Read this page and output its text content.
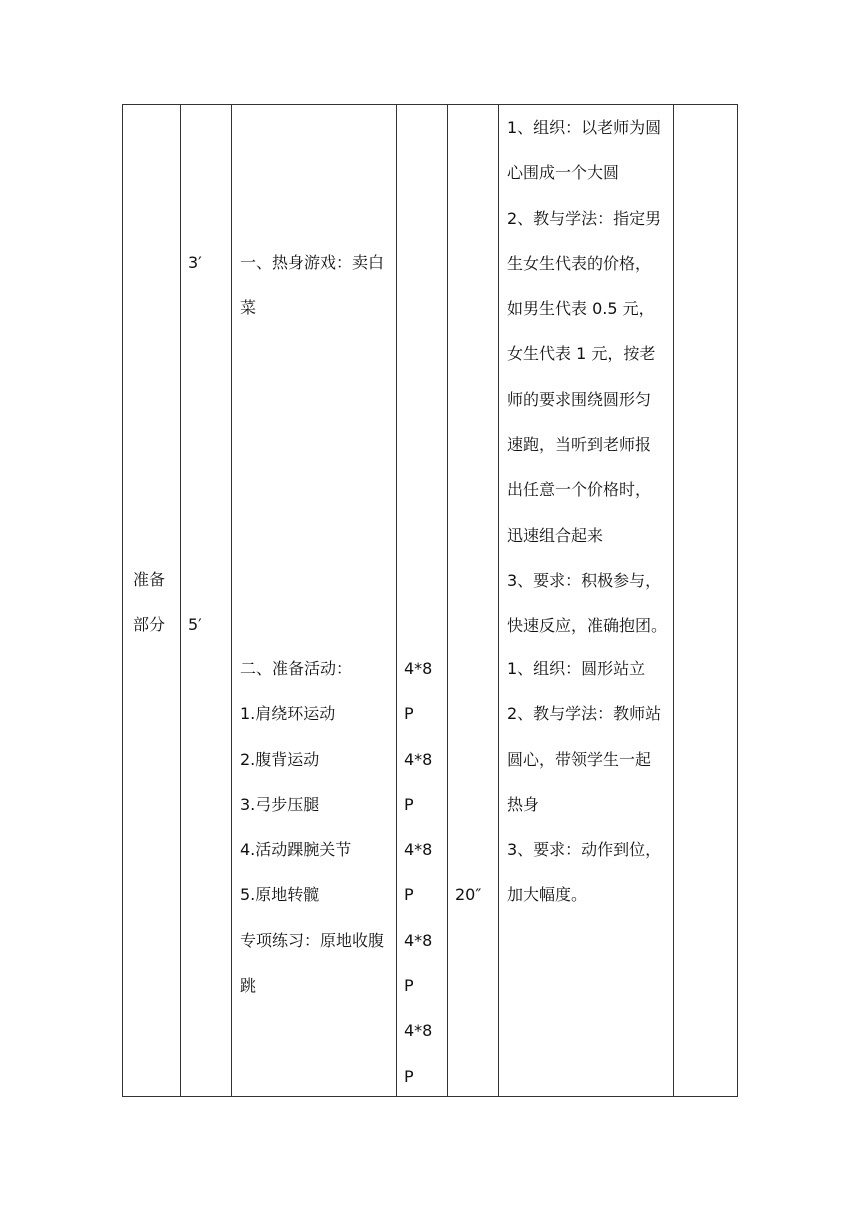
准备
部分
3′
5′
一、热身游戏：卖白
菜
二、准备活动：
1.肩绕环运动
2.腹背运动
3.弓步压腿
4.活动踝腕关节
5.原地转髋
专项练习：原地收腹
跳
4*8
P
4*8
P
4*8
P
4*8
P
4*8
P
20″
1、组织：以老师为圆
心围成一个大圆
2、教与学法：指定男
生女生代表的价格，
如男生代表 0.5 元，
女生代表 1 元，按老
师的要求围绕圆形匀
速跑，当听到老师报
出任意一个价格时，
迅速组合起来
3、要求：积极参与，
快速反应，准确抱团。
1、组织：圆形站立
2、教与学法：教师站
圆心，带领学生一起
热身
3、要求：动作到位，
加大幅度。
